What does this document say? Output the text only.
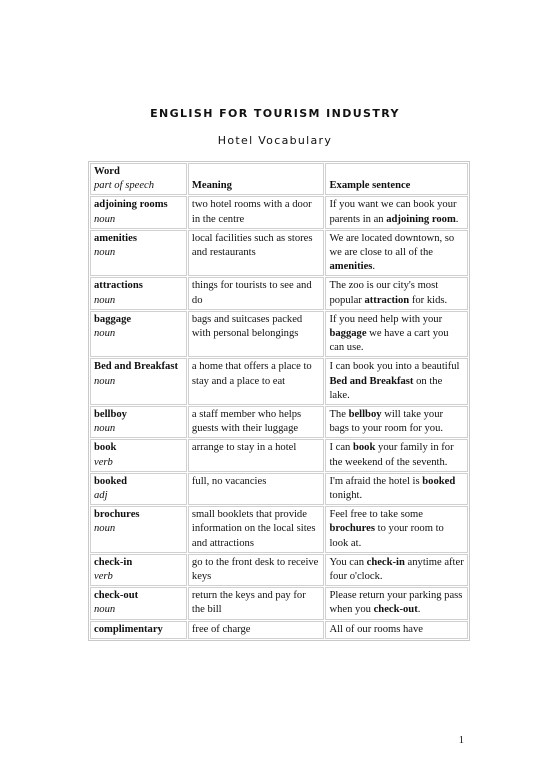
ENGLISH FOR TOURISM INDUSTRY
Hotel Vocabulary
Word
part of speech	Meaning	Example sentence

adjoining rooms
noun	two hotel rooms with a door in the centre	If you want we can book your parents in an adjoining room.

amenities
noun	local facilities such as stores and restaurants	We are located downtown, so we are close to all of the amenities.

attractions
noun	things for tourists to see and do	The zoo is our city's most popular attraction for kids.

baggage
noun	bags and suitcases packed with personal belongings	If you need help with your baggage we have a cart you can use.

Bed and Breakfast
noun	a home that offers a place to stay and a place to eat	I can book you into a beautiful Bed and Breakfast on the lake.

bellboy
noun	a staff member who helps guests with their luggage	The bellboy will take your bags to your room for you.

book
verb	arrange to stay in a hotel	I can book your family in for the weekend of the seventh.

booked
adj	full, no vacancies	I'm afraid the hotel is booked tonight.

brochures
noun	small booklets that provide information on the local sites and attractions	Feel free to take some brochures to your room to look at.

check-in
verb	go to the front desk to receive keys	You can check-in anytime after four o'clock.

check-out
noun	return the keys and pay for the bill	Please return your parking pass when you check-out.

complimentary	free of charge	All of our rooms have
1
